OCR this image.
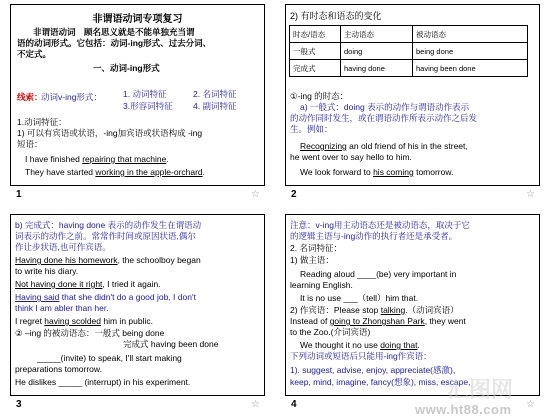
非谓语动词专项复习
非谓语动词　顾名思义就是不能单独充当谓
语的动词形式。它包括：动词-ing形式、过去分词、
不定式。
一、动词-ing形式
线索：
动词v-ing形式： 1. 动词特征	2. 名词特征
3.形容词特征 4. 副词特征
1.动词特征：
1) 可以有宾语或状语，-ing加宾语或状语构成 -ing
短语：
I have finished repairing that machine.
They have started working in the apple-orchard.
1	☆
2) 有时态和语态的变化
时态/语态	主动语态	被动语态
一般式	doing	being done
完成式	having done	having been done
①-ing 的时态：
a) 一般式：doing 表示的动作与谓语动作表示
的动作同时发生，或在谓语动作所表示动作之后发
生。例如：
Recognizing an old friend of his in the street,
he went over to say hello to him.
We look forward to his coming tomorrow.
2	☆
b) 完成式：having done 表示的动作发生在谓语动
词表示的动作之前。常常作时间或原因状语,偶尔
作让步状语,也可作宾语。
Having done his homework, the schoolboy began
to write his diary.
Not having done it right, I tried it again.
Having said that she didn't do a good job, I don't
think I am abler than her.
I regret having scolded him in public.
② –ing 的被动语态：一般式 being done
完成式 having been done
_____(invite) to speak, I'll start making
preparations tomorrow.
He dislikes _____ (interrupt) in his experiment.
3	☆
注意：v-ing用主动语态还是被动语态，取决于它
的逻辑主语与-ing动作的执行者还是承受者。
2. 名词特征：
1) 做主语：
Reading aloud ____(be) very important in
learning English.
It is no use ___（tell）him that.
2) 作宾语：Please stop talking.（动词宾语）
Instead of going to Zhongshan Park, they went
to the Zoo.(介词宾语)
We thought it no use doing that.
下列动词或短语后只能用-ing作宾语：
1). suggest, advise, enjoy, appreciate(感激),
keep, mind, imagine, fancy(想象), miss, escape,
4	☆
汇图网
www.ht88.com
